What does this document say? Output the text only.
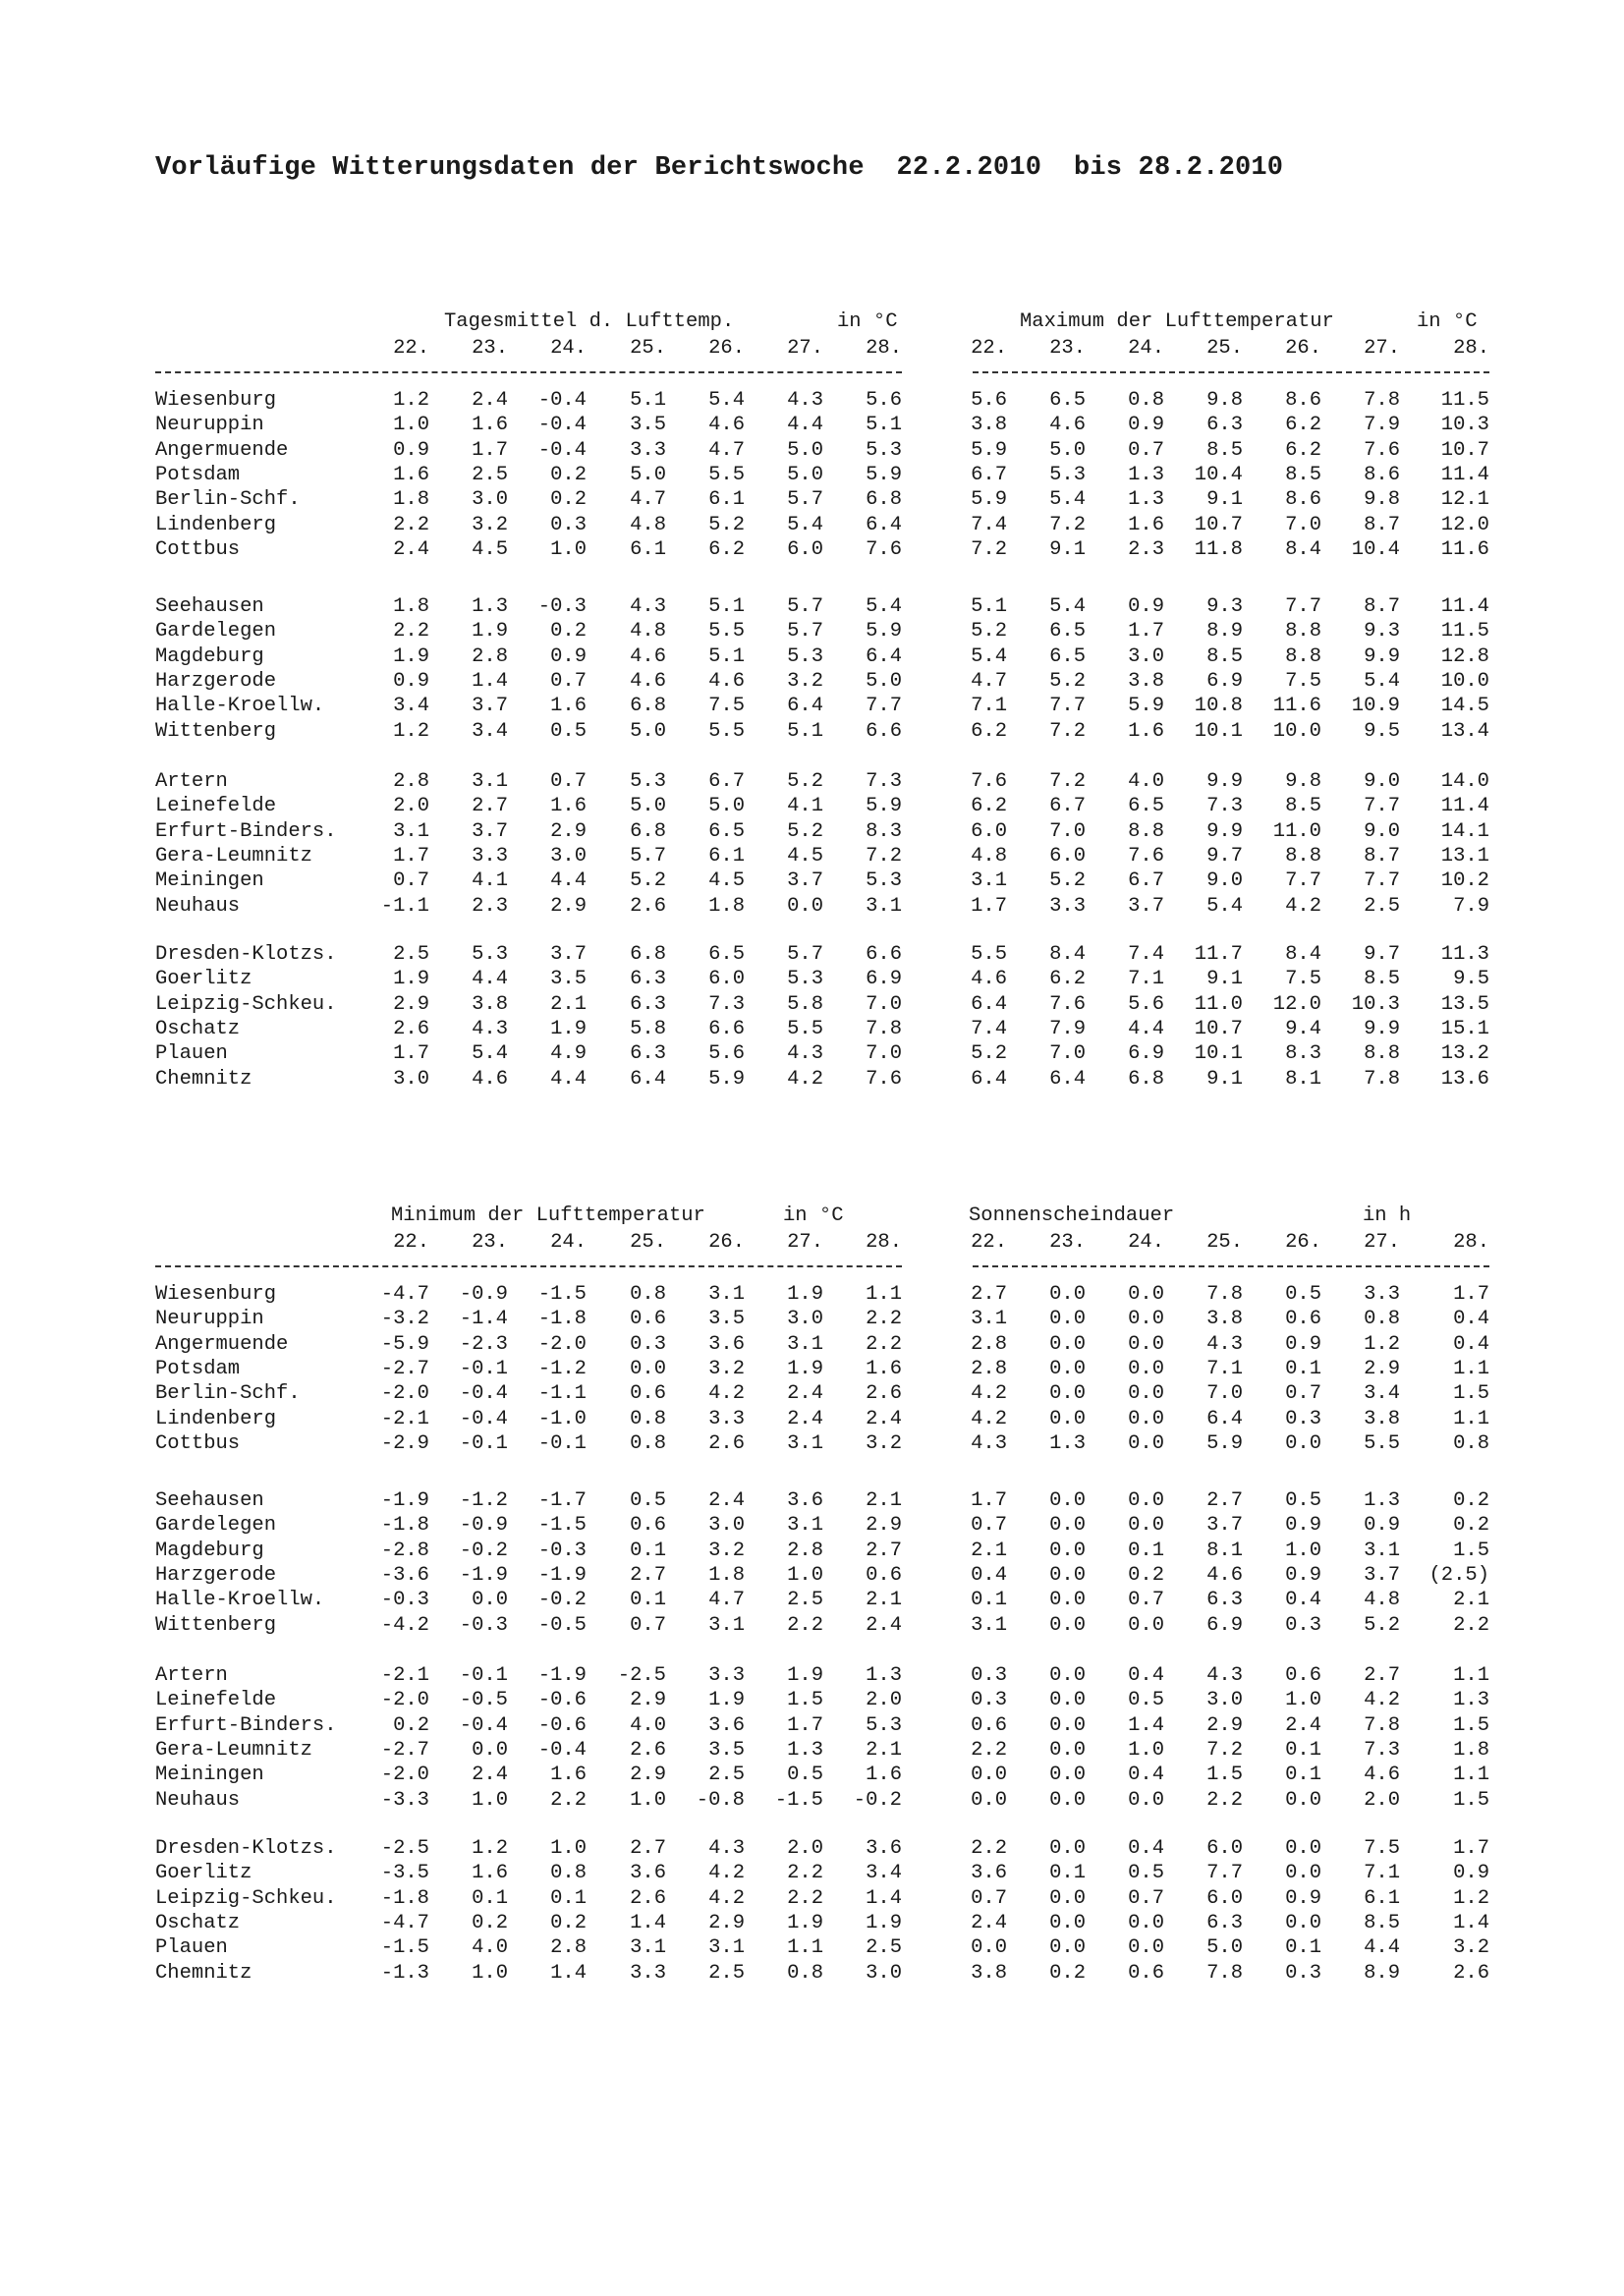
Vorläufige Witterungsdaten der Berichtswoche  22.2.2010  bis 28.2.2010
Tagesmittel d. Lufttemp.	in °C
22.	23.	24.	25.	26.	27.	28.
Wiesenburg	1.2	2.4	-0.4	5.1	5.4	4.3	5.6
Neuruppin	1.0	1.6	-0.4	3.5	4.6	4.4	5.1
Angermuende	0.9	1.7	-0.4	3.3	4.7	5.0	5.3
Potsdam	1.6	2.5	0.2	5.0	5.5	5.0	5.9
Berlin-Schf.	1.8	3.0	0.2	4.7	6.1	5.7	6.8
Lindenberg	2.2	3.2	0.3	4.8	5.2	5.4	6.4
Cottbus	2.4	4.5	1.0	6.1	6.2	6.0	7.6
Seehausen	1.8	1.3	-0.3	4.3	5.1	5.7	5.4
Gardelegen	2.2	1.9	0.2	4.8	5.5	5.7	5.9
Magdeburg	1.9	2.8	0.9	4.6	5.1	5.3	6.4
Harzgerode	0.9	1.4	0.7	4.6	4.6	3.2	5.0
Halle-Kroellw.	3.4	3.7	1.6	6.8	7.5	6.4	7.7
Wittenberg	1.2	3.4	0.5	5.0	5.5	5.1	6.6
Artern	2.8	3.1	0.7	5.3	6.7	5.2	7.3
Leinefelde	2.0	2.7	1.6	5.0	5.0	4.1	5.9
Erfurt-Binders.	3.1	3.7	2.9	6.8	6.5	5.2	8.3
Gera-Leumnitz	1.7	3.3	3.0	5.7	6.1	4.5	7.2
Meiningen	0.7	4.1	4.4	5.2	4.5	3.7	5.3
Neuhaus	-1.1	2.3	2.9	2.6	1.8	0.0	3.1
Dresden-Klotzs.	2.5	5.3	3.7	6.8	6.5	5.7	6.6
Goerlitz	1.9	4.4	3.5	6.3	6.0	5.3	6.9
Leipzig-Schkeu.	2.9	3.8	2.1	6.3	7.3	5.8	7.0
Oschatz	2.6	4.3	1.9	5.8	6.6	5.5	7.8
Plauen	1.7	5.4	4.9	6.3	5.6	4.3	7.0
Chemnitz	3.0	4.6	4.4	6.4	5.9	4.2	7.6
Maximum der Lufttemperatur	in °C
22.	23.	24.	25.	26.	27.	28.
5.6	6.5	0.8	9.8	8.6	7.8	11.5
3.8	4.6	0.9	6.3	6.2	7.9	10.3
5.9	5.0	0.7	8.5	6.2	7.6	10.7
6.7	5.3	1.3	10.4	8.5	8.6	11.4
5.9	5.4	1.3	9.1	8.6	9.8	12.1
7.4	7.2	1.6	10.7	7.0	8.7	12.0
7.2	9.1	2.3	11.8	8.4	10.4	11.6
5.1	5.4	0.9	9.3	7.7	8.7	11.4
5.2	6.5	1.7	8.9	8.8	9.3	11.5
5.4	6.5	3.0	8.5	8.8	9.9	12.8
4.7	5.2	3.8	6.9	7.5	5.4	10.0
7.1	7.7	5.9	10.8	11.6	10.9	14.5
6.2	7.2	1.6	10.1	10.0	9.5	13.4
7.6	7.2	4.0	9.9	9.8	9.0	14.0
6.2	6.7	6.5	7.3	8.5	7.7	11.4
6.0	7.0	8.8	9.9	11.0	9.0	14.1
4.8	6.0	7.6	9.7	8.8	8.7	13.1
3.1	5.2	6.7	9.0	7.7	7.7	10.2
1.7	3.3	3.7	5.4	4.2	2.5	7.9
5.5	8.4	7.4	11.7	8.4	9.7	11.3
4.6	6.2	7.1	9.1	7.5	8.5	9.5
6.4	7.6	5.6	11.0	12.0	10.3	13.5
7.4	7.9	4.4	10.7	9.4	9.9	15.1
5.2	7.0	6.9	10.1	8.3	8.8	13.2
6.4	6.4	6.8	9.1	8.1	7.8	13.6
Minimum der Lufttemperatur	in °C
22.	23.	24.	25.	26.	27.	28.
Wiesenburg	-4.7	-0.9	-1.5	0.8	3.1	1.9	1.1
Neuruppin	-3.2	-1.4	-1.8	0.6	3.5	3.0	2.2
Angermuende	-5.9	-2.3	-2.0	0.3	3.6	3.1	2.2
Potsdam	-2.7	-0.1	-1.2	0.0	3.2	1.9	1.6
Berlin-Schf.	-2.0	-0.4	-1.1	0.6	4.2	2.4	2.6
Lindenberg	-2.1	-0.4	-1.0	0.8	3.3	2.4	2.4
Cottbus	-2.9	-0.1	-0.1	0.8	2.6	3.1	3.2
Seehausen	-1.9	-1.2	-1.7	0.5	2.4	3.6	2.1
Gardelegen	-1.8	-0.9	-1.5	0.6	3.0	3.1	2.9
Magdeburg	-2.8	-0.2	-0.3	0.1	3.2	2.8	2.7
Harzgerode	-3.6	-1.9	-1.9	2.7	1.8	1.0	0.6
Halle-Kroellw.	-0.3	0.0	-0.2	0.1	4.7	2.5	2.1
Wittenberg	-4.2	-0.3	-0.5	0.7	3.1	2.2	2.4
Artern	-2.1	-0.1	-1.9	-2.5	3.3	1.9	1.3
Leinefelde	-2.0	-0.5	-0.6	2.9	1.9	1.5	2.0
Erfurt-Binders.	0.2	-0.4	-0.6	4.0	3.6	1.7	5.3
Gera-Leumnitz	-2.7	0.0	-0.4	2.6	3.5	1.3	2.1
Meiningen	-2.0	2.4	1.6	2.9	2.5	0.5	1.6
Neuhaus	-3.3	1.0	2.2	1.0	-0.8	-1.5	-0.2
Dresden-Klotzs.	-2.5	1.2	1.0	2.7	4.3	2.0	3.6
Goerlitz	-3.5	1.6	0.8	3.6	4.2	2.2	3.4
Leipzig-Schkeu.	-1.8	0.1	0.1	2.6	4.2	2.2	1.4
Oschatz	-4.7	0.2	0.2	1.4	2.9	1.9	1.9
Plauen	-1.5	4.0	2.8	3.1	3.1	1.1	2.5
Chemnitz	-1.3	1.0	1.4	3.3	2.5	0.8	3.0
Sonnenscheindauer	in h
22.	23.	24.	25.	26.	27.	28.
2.7	0.0	0.0	7.8	0.5	3.3	1.7
3.1	0.0	0.0	3.8	0.6	0.8	0.4
2.8	0.0	0.0	4.3	0.9	1.2	0.4
2.8	0.0	0.0	7.1	0.1	2.9	1.1
4.2	0.0	0.0	7.0	0.7	3.4	1.5
4.2	0.0	0.0	6.4	0.3	3.8	1.1
4.3	1.3	0.0	5.9	0.0	5.5	0.8
1.7	0.0	0.0	2.7	0.5	1.3	0.2
0.7	0.0	0.0	3.7	0.9	0.9	0.2
2.1	0.0	0.1	8.1	1.0	3.1	1.5
0.4	0.0	0.2	4.6	0.9	3.7	(2.5)
0.1	0.0	0.7	6.3	0.4	4.8	2.1
3.1	0.0	0.0	6.9	0.3	5.2	2.2
0.3	0.0	0.4	4.3	0.6	2.7	1.1
0.3	0.0	0.5	3.0	1.0	4.2	1.3
0.6	0.0	1.4	2.9	2.4	7.8	1.5
2.2	0.0	1.0	7.2	0.1	7.3	1.8
0.0	0.0	0.4	1.5	0.1	4.6	1.1
0.0	0.0	0.0	2.2	0.0	2.0	1.5
2.2	0.0	0.4	6.0	0.0	7.5	1.7
3.6	0.1	0.5	7.7	0.0	7.1	0.9
0.7	0.0	0.7	6.0	0.9	6.1	1.2
2.4	0.0	0.0	6.3	0.0	8.5	1.4
0.0	0.0	0.0	5.0	0.1	4.4	3.2
3.8	0.2	0.6	7.8	0.3	8.9	2.6
